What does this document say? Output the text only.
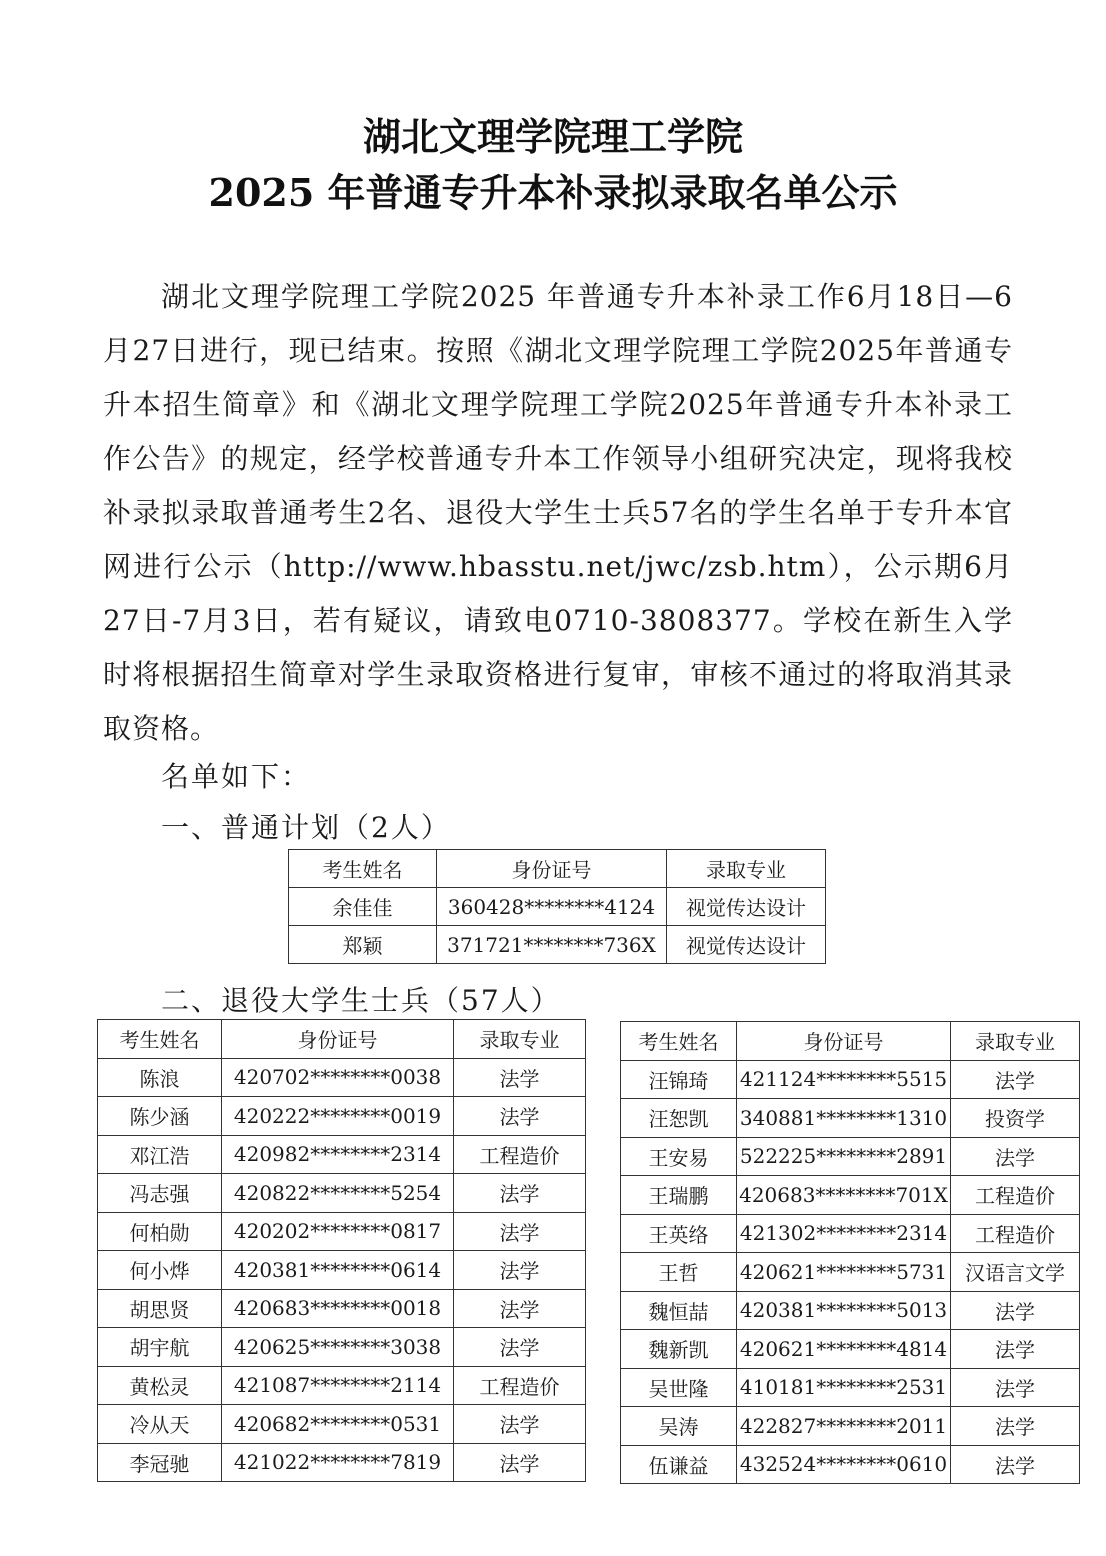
湖北文理学院理工学院
2025 年普通专升本补录拟录取名单公示
湖北文理学院理工学院2025 年普通专升本补录工作6月18日—6月27日进行，现已结束。按照《湖北文理学院理工学院2025年普通专升本招生简章》和《湖北文理学院理工学院2025年普通专升本补录工作公告》的规定，经学校普通专升本工作领导小组研究决定，现将我校补录拟录取普通考生2名、退役大学生士兵57名的学生名单于专升本官网进行公示（http://www.hbasstu.net/jwc/zsb.htm），公示期6月27日-7月3日，若有疑议，请致电0710-3808377。学校在新生入学时将根据招生简章对学生录取资格进行复审，审核不通过的将取消其录取资格。
名单如下：
一、普通计划（2人）
考生姓名	身份证号	录取专业
余佳佳	360428********4124	视觉传达设计
郑颖	371721********736X	视觉传达设计
二、退役大学生士兵（57人）
考生姓名	身份证号	录取专业
陈浪	420702********0038	法学
陈少涵	420222********0019	法学
邓江浩	420982********2314	工程造价
冯志强	420822********5254	法学
何柏勋	420202********0817	法学
何小烨	420381********0614	法学
胡思贤	420683********0018	法学
胡宇航	420625********3038	法学
黄松灵	421087********2114	工程造价
冷从天	420682********0531	法学
李冠驰	421022********7819	法学
考生姓名	身份证号	录取专业
汪锦琦	421124********5515	法学
汪恕凯	340881********1310	投资学
王安易	522225********2891	法学
王瑞鹏	420683********701X	工程造价
王英络	421302********2314	工程造价
王哲	420621********5731	汉语言文学
魏恒喆	420381********5013	法学
魏新凯	420621********4814	法学
吴世隆	410181********2531	法学
吴涛	422827********2011	法学
伍谦益	432524********0610	法学
